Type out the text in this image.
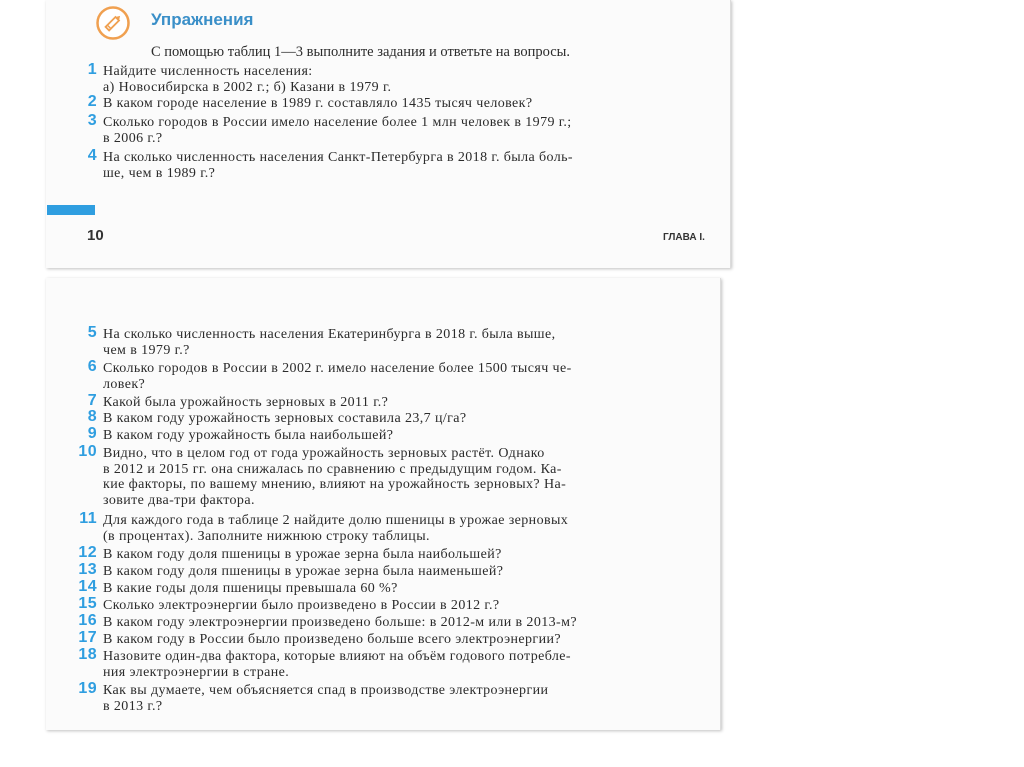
Упражнения
С помощью таблиц 1—3 выполните задания и ответьте на вопросы.
1 Найдите численность населения:
а) Новосибирска в 2002 г.; б) Казани в 1979 г.
2 В каком городе население в 1989 г. составляло 1435 тысяч человек?
3 Сколько городов в России имело население более 1 млн человек в 1979 г.;
в 2006 г.?
4 На сколько численность населения Санкт-Петербурга в 2018 г. была боль-
ше, чем в 1989 г.?
10	ГЛАВА I.
5 На сколько численность населения Екатеринбурга в 2018 г. была выше,
чем в 1979 г.?
6 Сколько городов в России в 2002 г. имело население более 1500 тысяч че-
ловек?
7 Какой была урожайность зерновых в 2011 г.?
8 В каком году урожайность зерновых составила 23,7 ц/га?
9 В каком году урожайность была наибольшей?
10 Видно, что в целом год от года урожайность зерновых растёт. Однако
в 2012 и 2015 гг. она снижалась по сравнению с предыдущим годом. Ка-
кие факторы, по вашему мнению, влияют на урожайность зерновых? На-
зовите два-три фактора.
11 Для каждого года в таблице 2 найдите долю пшеницы в урожае зерновых
(в процентах). Заполните нижнюю строку таблицы.
12 В каком году доля пшеницы в урожае зерна была наибольшей?
13 В каком году доля пшеницы в урожае зерна была наименьшей?
14 В какие годы доля пшеницы превышала 60 %?
15 Сколько электроэнергии было произведено в России в 2012 г.?
16 В каком году электроэнергии произведено больше: в 2012-м или в 2013-м?
17 В каком году в России было произведено больше всего электроэнергии?
18 Назовите один-два фактора, которые влияют на объём годового потребле-
ния электроэнергии в стране.
19 Как вы думаете, чем объясняется спад в производстве электроэнергии
в 2013 г.?
